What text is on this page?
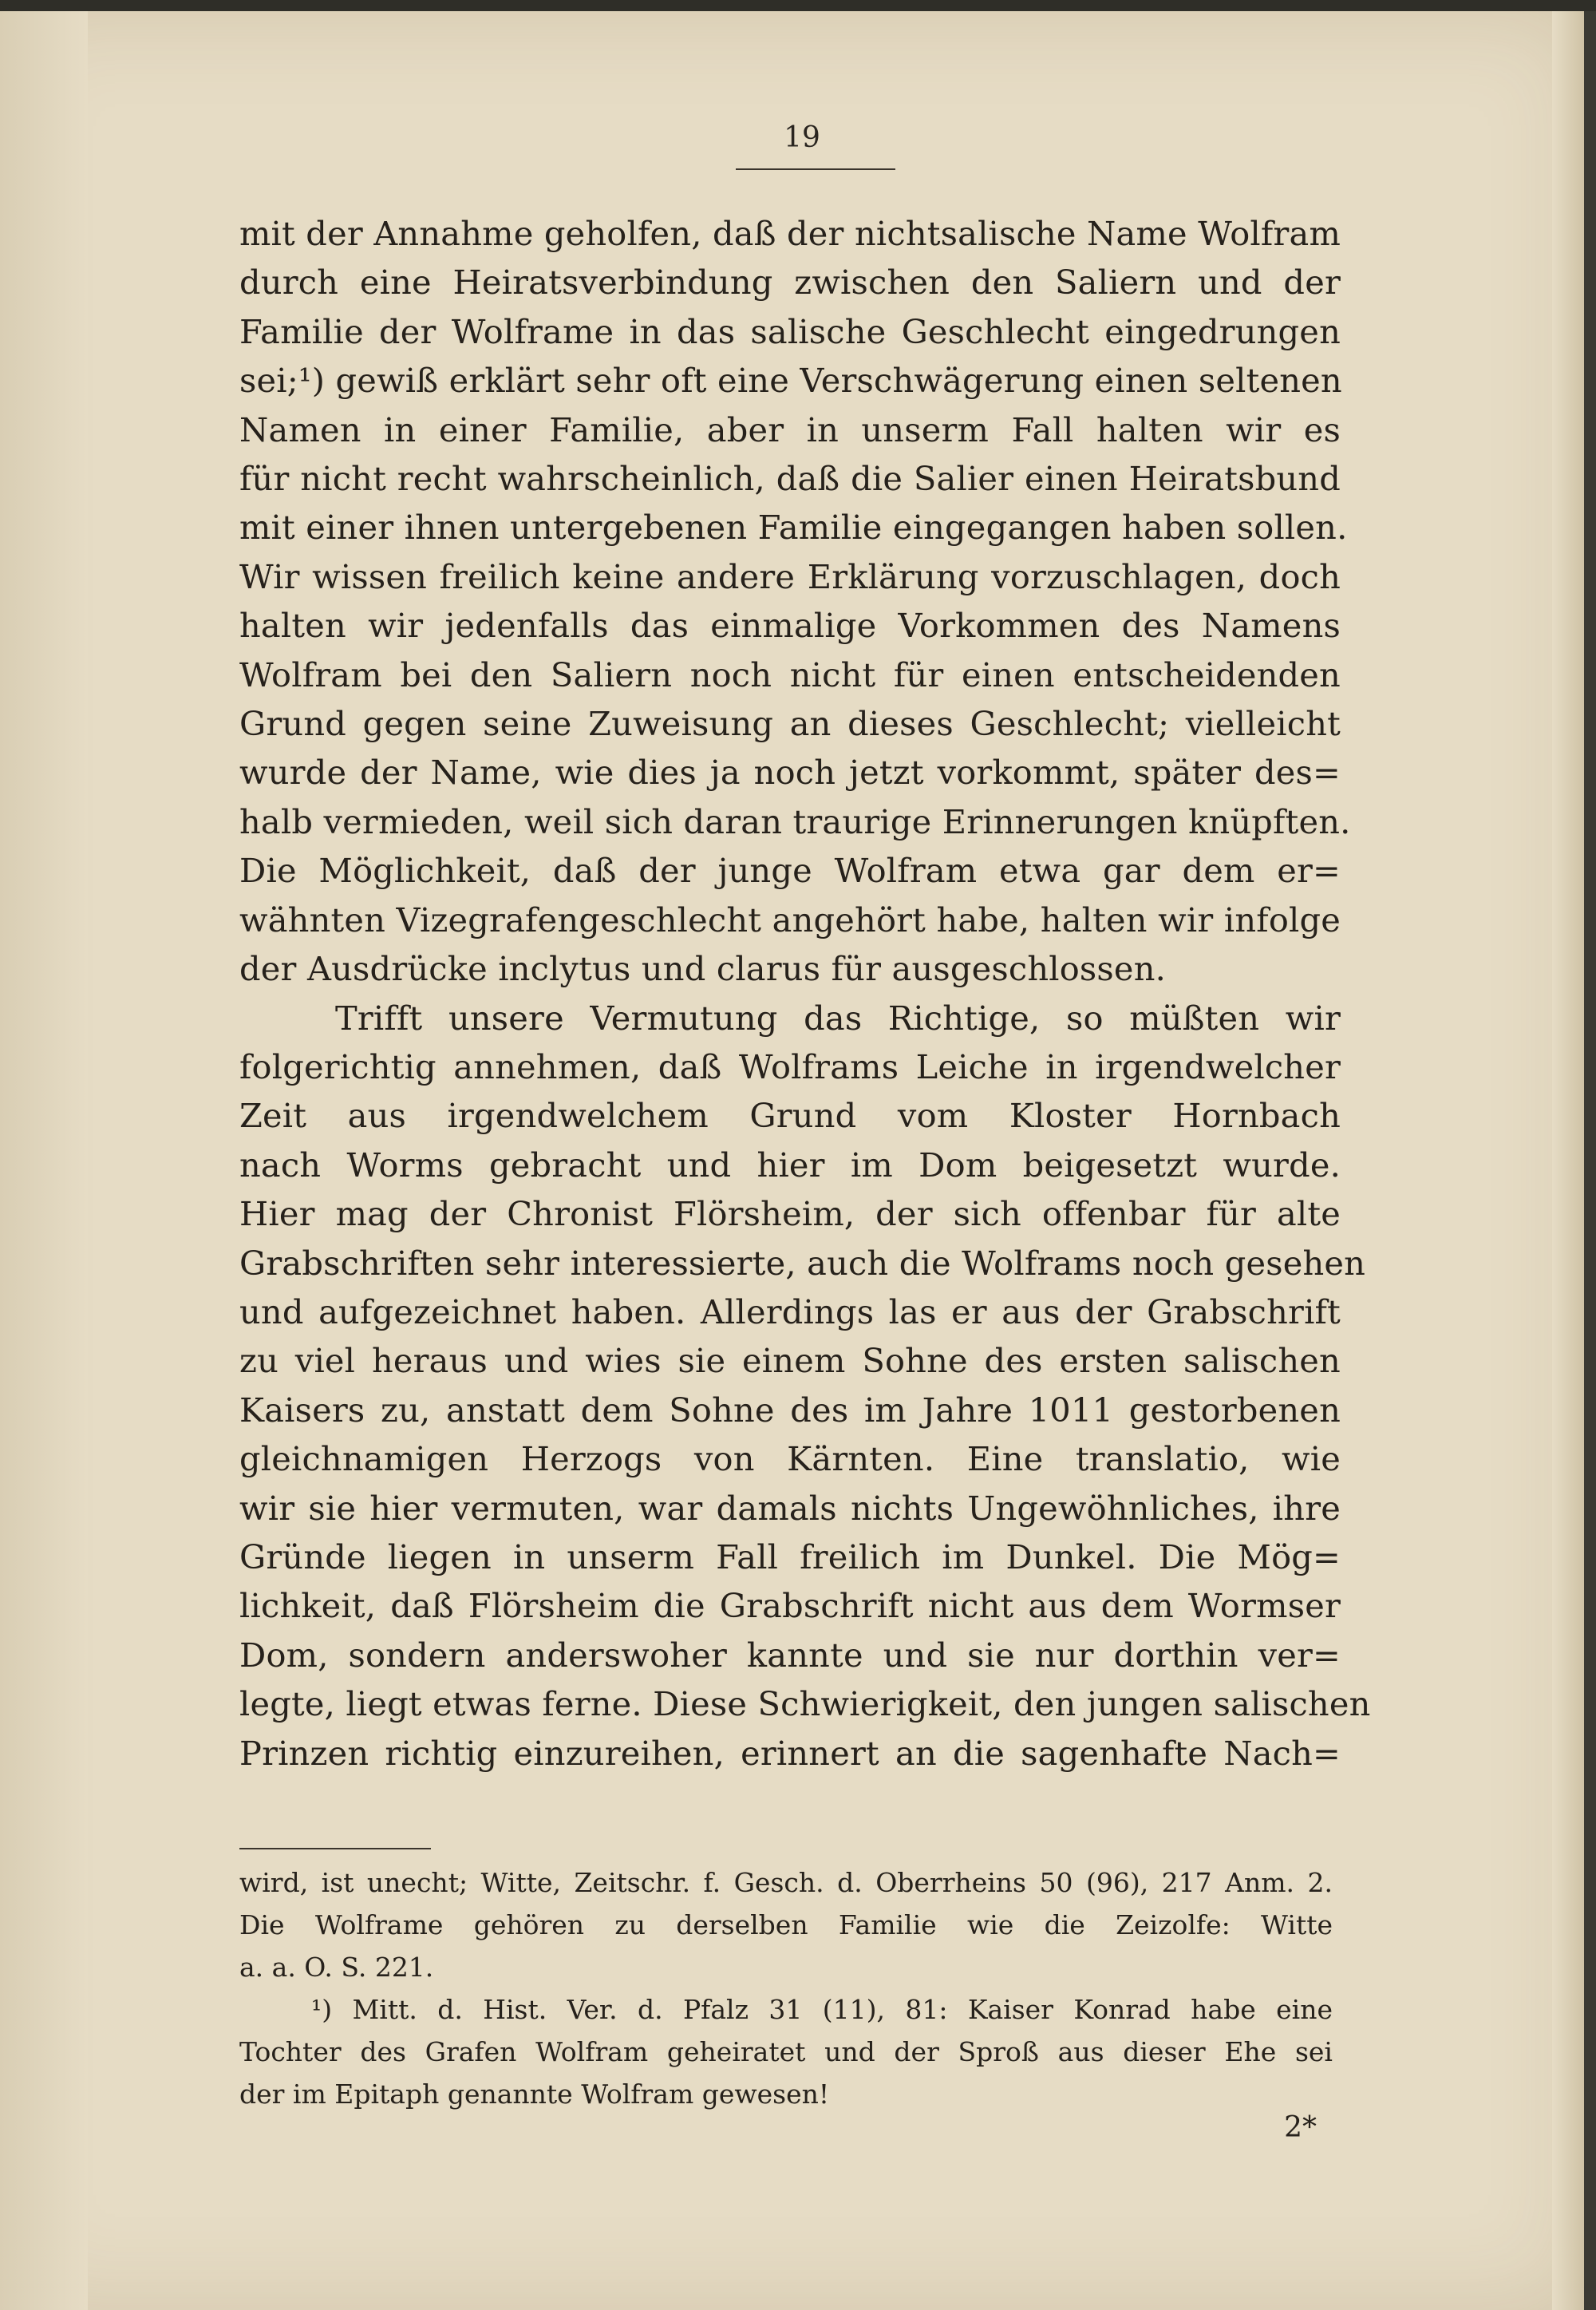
19
mit der Annahme geholfen, daß der nichtsalische Name Wolfram
durch eine Heiratsverbindung zwischen den Saliern und der
Familie der Wolframe in das salische Geschlecht eingedrungen
sei;¹) gewiß erklärt sehr oft eine Verschwägerung einen seltenen
Namen in einer Familie, aber in unserm Fall halten wir es
für nicht recht wahrscheinlich, daß die Salier einen Heiratsbund
mit einer ihnen untergebenen Familie eingegangen haben sollen.
Wir wissen freilich keine andere Erklärung vorzuschlagen, doch
halten wir jedenfalls das einmalige Vorkommen des Namens
Wolfram bei den Saliern noch nicht für einen entscheidenden
Grund gegen seine Zuweisung an dieses Geschlecht; vielleicht
wurde der Name, wie dies ja noch jetzt vorkommt, später des=
halb vermieden, weil sich daran traurige Erinnerungen knüpften.
Die Möglichkeit, daß der junge Wolfram etwa gar dem er=
wähnten Vizegrafengeschlecht angehört habe, halten wir infolge
der Ausdrücke inclytus und clarus für ausgeschlossen.
Trifft unsere Vermutung das Richtige, so müßten wir
folgerichtig annehmen, daß Wolframs Leiche in irgendwelcher
Zeit aus irgendwelchem Grund vom Kloster Hornbach
nach Worms gebracht und hier im Dom beigesetzt wurde.
Hier mag der Chronist Flörsheim, der sich offenbar für alte
Grabschriften sehr interessierte, auch die Wolframs noch gesehen
und aufgezeichnet haben. Allerdings las er aus der Grabschrift
zu viel heraus und wies sie einem Sohne des ersten salischen
Kaisers zu, anstatt dem Sohne des im Jahre 1011 gestorbenen
gleichnamigen Herzogs von Kärnten. Eine translatio, wie
wir sie hier vermuten, war damals nichts Ungewöhnliches, ihre
Gründe liegen in unserm Fall freilich im Dunkel. Die Mög=
lichkeit, daß Flörsheim die Grabschrift nicht aus dem Wormser
Dom, sondern anderswoher kannte und sie nur dorthin ver=
legte, liegt etwas ferne. Diese Schwierigkeit, den jungen salischen
Prinzen richtig einzureihen, erinnert an die sagenhafte Nach=
wird, ist unecht; Witte, Zeitschr. f. Gesch. d. Oberrheins 50 (96), 217 Anm. 2.
Die Wolframe gehören zu derselben Familie wie die Zeizolfe: Witte
a. a. O. S. 221.
¹) Mitt. d. Hist. Ver. d. Pfalz 31 (11), 81: Kaiser Konrad habe eine
Tochter des Grafen Wolfram geheiratet und der Sproß aus dieser Ehe sei
der im Epitaph genannte Wolfram gewesen!
2*
